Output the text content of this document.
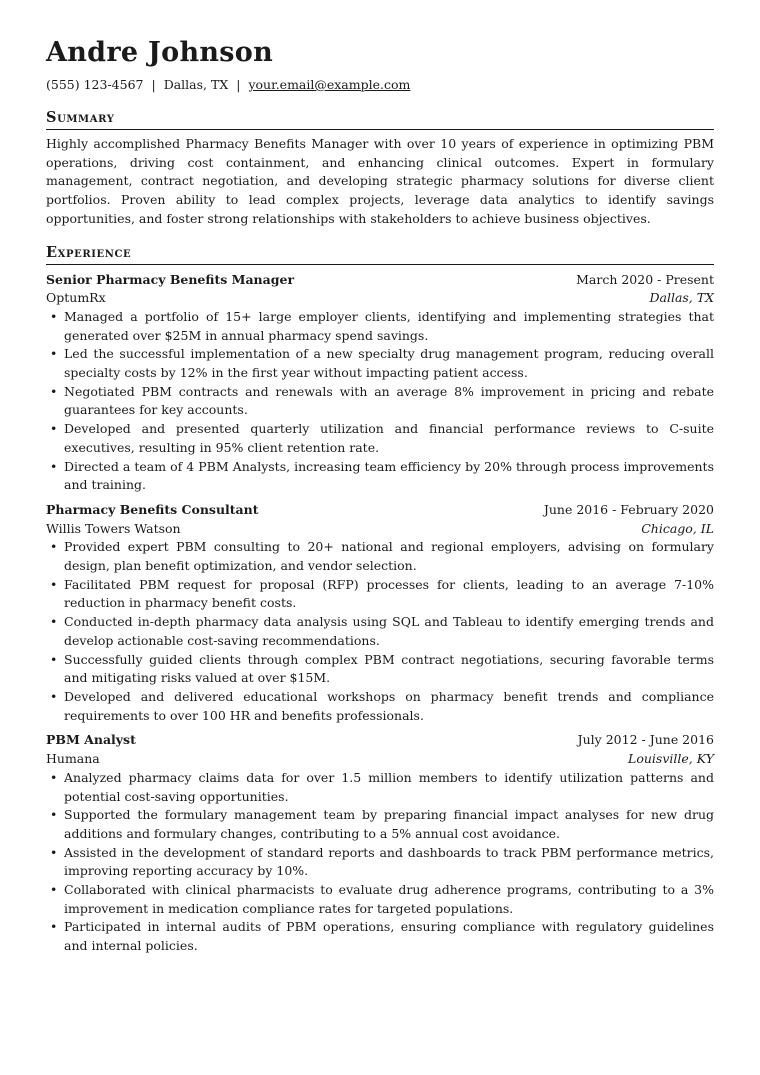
Andre Johnson
(555) 123-4567 | Dallas, TX | your.email@example.com
Summary
Highly accomplished Pharmacy Benefits Manager with over 10 years of experience in optimizing PBM operations, driving cost containment, and enhancing clinical outcomes. Expert in formulary management, contract negotiation, and developing strategic pharmacy solutions for diverse client portfolios. Proven ability to lead complex projects, leverage data analytics to identify savings opportunities, and foster strong relationships with stakeholders to achieve business objectives.
Experience
Senior Pharmacy Benefits Manager	March 2020 - Present
OptumRx	Dallas, TX
• Managed a portfolio of 15+ large employer clients, identifying and implementing strategies that generated over $25M in annual pharmacy spend savings.
• Led the successful implementation of a new specialty drug management program, reducing overall specialty costs by 12% in the first year without impacting patient access.
• Negotiated PBM contracts and renewals with an average 8% improvement in pricing and rebate guarantees for key accounts.
• Developed and presented quarterly utilization and financial performance reviews to C-suite executives, resulting in 95% client retention rate.
• Directed a team of 4 PBM Analysts, increasing team efficiency by 20% through process improvements and training.
Pharmacy Benefits Consultant	June 2016 - February 2020
Willis Towers Watson	Chicago, IL
• Provided expert PBM consulting to 20+ national and regional employers, advising on formulary design, plan benefit optimization, and vendor selection.
• Facilitated PBM request for proposal (RFP) processes for clients, leading to an average 7-10% reduction in pharmacy benefit costs.
• Conducted in-depth pharmacy data analysis using SQL and Tableau to identify emerging trends and develop actionable cost-saving recommendations.
• Successfully guided clients through complex PBM contract negotiations, securing favorable terms and mitigating risks valued at over $15M.
• Developed and delivered educational workshops on pharmacy benefit trends and compliance requirements to over 100 HR and benefits professionals.
PBM Analyst	July 2012 - June 2016
Humana	Louisville, KY
• Analyzed pharmacy claims data for over 1.5 million members to identify utilization patterns and potential cost-saving opportunities.
• Supported the formulary management team by preparing financial impact analyses for new drug additions and formulary changes, contributing to a 5% annual cost avoidance.
• Assisted in the development of standard reports and dashboards to track PBM performance metrics, improving reporting accuracy by 10%.
• Collaborated with clinical pharmacists to evaluate drug adherence programs, contributing to a 3% improvement in medication compliance rates for targeted populations.
• Participated in internal audits of PBM operations, ensuring compliance with regulatory guidelines and internal policies.
